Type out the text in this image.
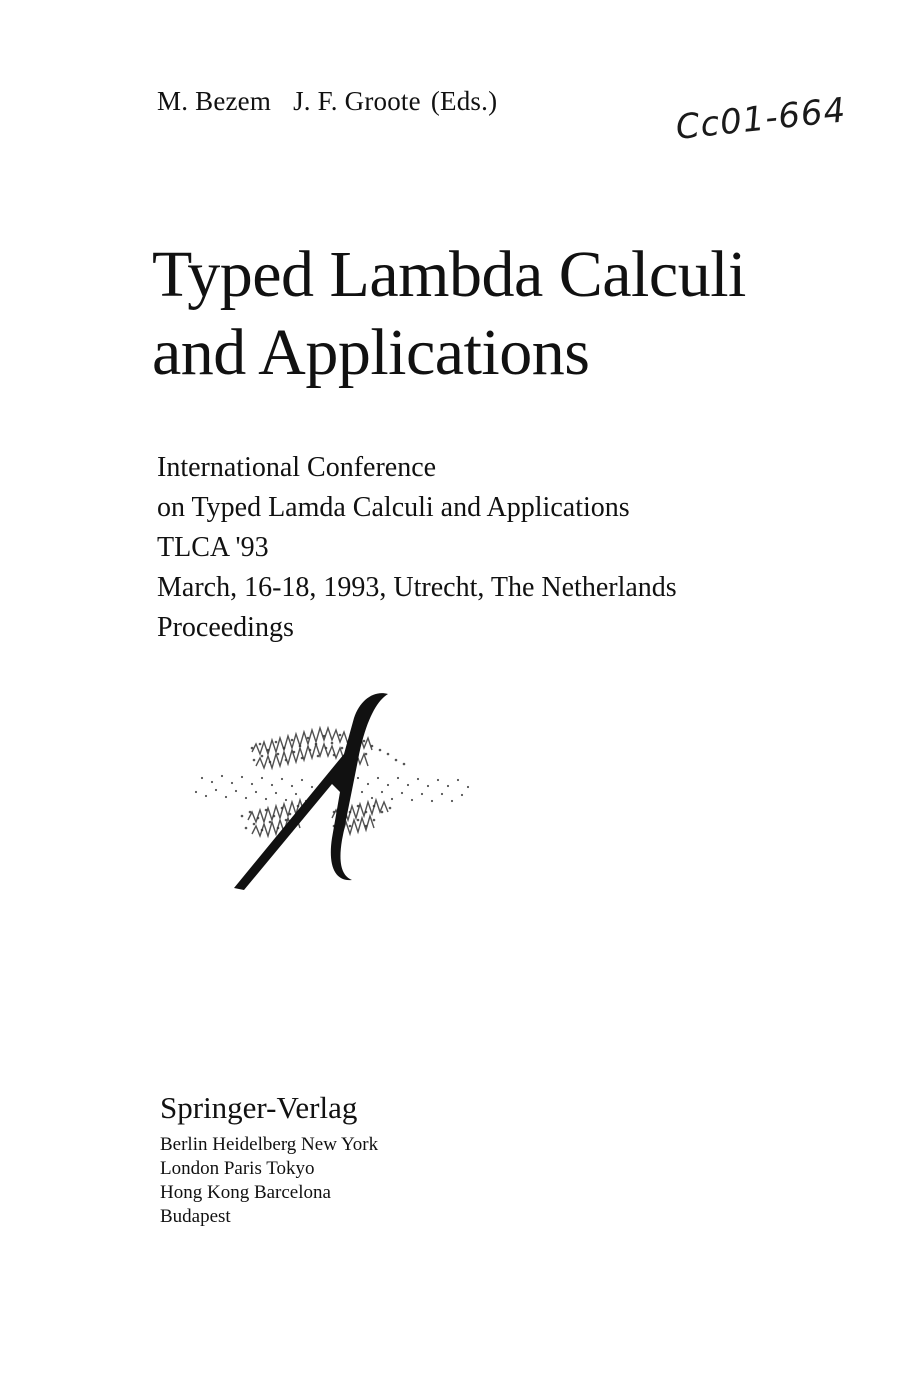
M. Bezem J. F. Groote (Eds.)	Cc01-664
Typed Lambda Calculi
and Applications
International Conference
on Typed Lamda Calculi and Applications
TLCA '93
March, 16-18, 1993, Utrecht, The Netherlands
Proceedings
Springer-Verlag
Berlin Heidelberg New York
London Paris Tokyo
Hong Kong Barcelona
Budapest
